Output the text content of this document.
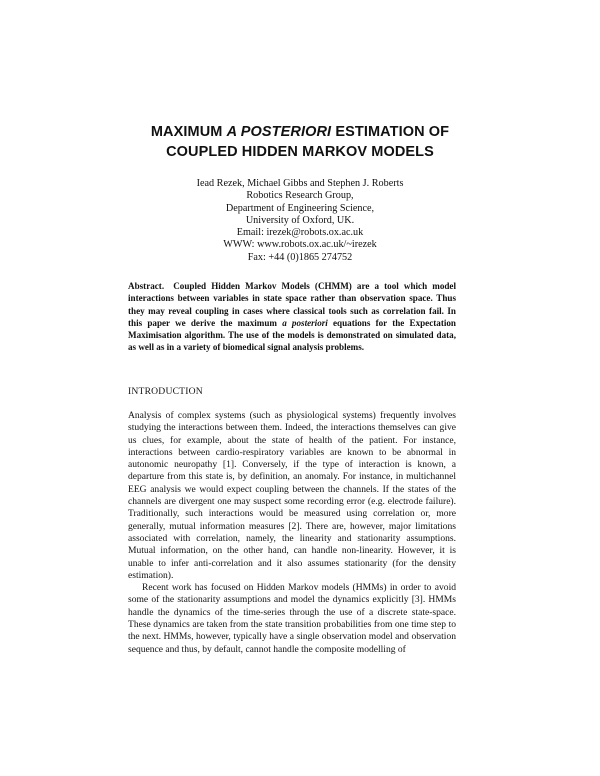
MAXIMUM A POSTERIORI ESTIMATION OF
COUPLED HIDDEN MARKOV MODELS
Iead Rezek, Michael Gibbs and Stephen J. Roberts
Robotics Research Group,
Department of Engineering Science,
University of Oxford, UK.
Email: irezek@robots.ox.ac.uk
WWW: www.robots.ox.ac.uk/~irezek
Fax: +44 (0)1865 274752
Abstract. Coupled Hidden Markov Models (CHMM) are a tool which model interactions between variables in state space rather than observation space. Thus they may reveal coupling in cases where classical tools such as correlation fail. In this paper we derive the maximum a posteriori equations for the Expectation Maximisation algorithm. The use of the models is demonstrated on simulated data, as well as in a variety of biomedical signal analysis problems.
INTRODUCTION

Analysis of complex systems (such as physiological systems) frequently involves studying the interactions between them. Indeed, the interactions themselves can give us clues, for example, about the state of health of the patient. For instance, interactions between cardio-respiratory variables are known to be abnormal in autonomic neuropathy [1]. Conversely, if the type of interaction is known, a departure from this state is, by definition, an anomaly. For instance, in multichannel EEG analysis we would expect coupling between the channels. If the states of the channels are divergent one may suspect some recording error (e.g. electrode failure). Traditionally, such interactions would be measured using correlation or, more generally, mutual information measures [2]. There are, however, major limitations associated with correlation, namely, the linearity and stationarity assumptions. Mutual information, on the other hand, can handle non-linearity. However, it is unable to infer anti-correlation and it also assumes stationarity (for the density estimation).

Recent work has focused on Hidden Markov models (HMMs) in order to avoid some of the stationarity assumptions and model the dynamics explicitly [3]. HMMs handle the dynamics of the time-series through the use of a discrete state-space. These dynamics are taken from the state transition probabilities from one time step to the next. HMMs, however, typically have a single observation model and observation sequence and thus, by default, cannot handle the composite modelling of
